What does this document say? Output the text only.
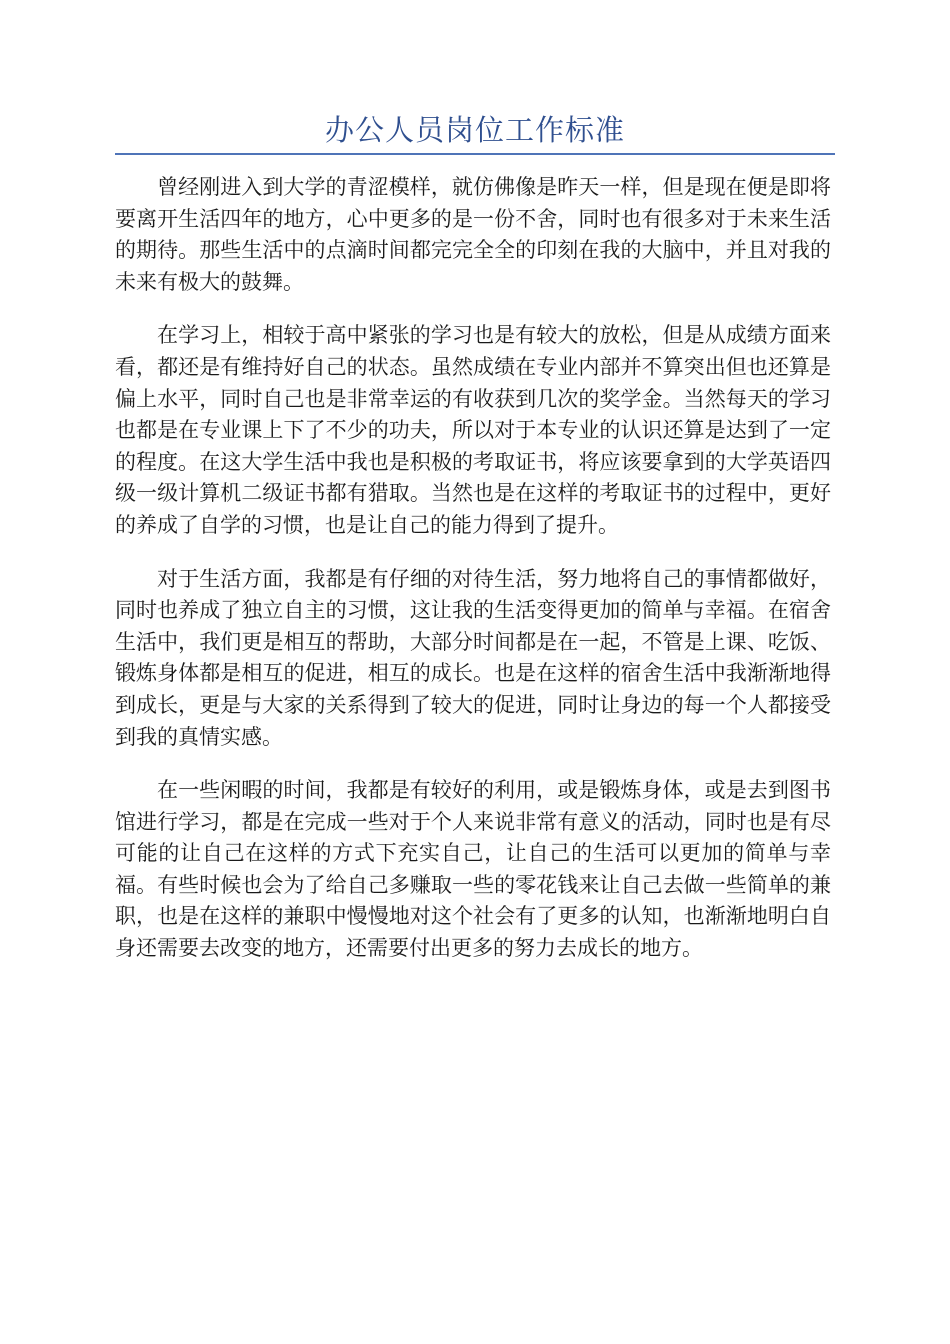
办公人员岗位工作标准

曾经刚进入到大学的青涩模样，就仿佛像是昨天一样，但是现在便是即将要离开生活四年的地方，心中更多的是一份不舍，同时也有很多对于未来生活的期待。那些生活中的点滴时间都完完全全的印刻在我的大脑中，并且对我的未来有极大的鼓舞。

在学习上，相较于高中紧张的学习也是有较大的放松，但是从成绩方面来看，都还是有维持好自己的状态。虽然成绩在专业内部并不算突出但也还算是偏上水平，同时自己也是非常幸运的有收获到几次的奖学金。当然每天的学习也都是在专业课上下了不少的功夫，所以对于本专业的认识还算是达到了一定的程度。在这大学生活中我也是积极的考取证书，将应该要拿到的大学英语四级一级计算机二级证书都有猎取。当然也是在这样的考取证书的过程中，更好的养成了自学的习惯，也是让自己的能力得到了提升。

对于生活方面，我都是有仔细的对待生活，努力地将自己的事情都做好，同时也养成了独立自主的习惯，这让我的生活变得更加的简单与幸福。在宿舍生活中，我们更是相互的帮助，大部分时间都是在一起，不管是上课、吃饭、锻炼身体都是相互的促进，相互的成长。也是在这样的宿舍生活中我渐渐地得到成长，更是与大家的关系得到了较大的促进，同时让身边的每一个人都接受到我的真情实感。

在一些闲暇的时间，我都是有较好的利用，或是锻炼身体，或是去到图书馆进行学习，都是在完成一些对于个人来说非常有意义的活动，同时也是有尽可能的让自己在这样的方式下充实自己，让自己的生活可以更加的简单与幸福。有些时候也会为了给自己多赚取一些的零花钱来让自己去做一些简单的兼职，也是在这样的兼职中慢慢地对这个社会有了更多的认知，也渐渐地明白自身还需要去改变的地方，还需要付出更多的努力去成长的地方。
